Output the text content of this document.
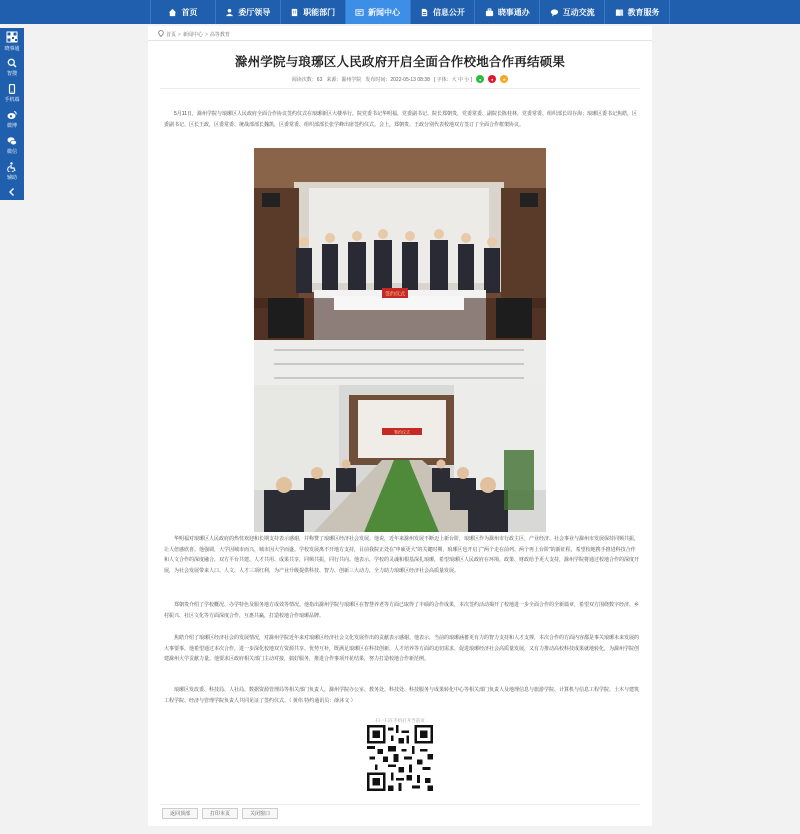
首页	委厅领导	职能部门	新闻中心	信息公开	晓事通办	互动交流	教育服务
晓事通
智搜
手机端
微博
微信
辅助
首页 > 新闻中心 > 高等教育
滁州学院与琅琊区人民政府开启全面合作校地合作再结硕果
阅读次数：63 来源：滁州学院 发布时间：2022-05-13 08:38 [ 字体：大 中 小 ] ● ● ★
5月11日，滁州学院与琅琊区人民政府全面合作协议签约仪式在琅琊新区大楼举行。院党委书记华明福，党委副书记、院长郑朝贵，党委常委、副院长陈桂林，党委常委、组织部长周存海；琅琊区委书记焦皓，区委副书记、区长王政，区委常委、统战部部长魏凯，区委常委、组织部部长张学峰出席签约仪式。会上，郑朝贵、王政分别代表校地双方签订了全面合作框架协议。
签约仪式
签约仪式
华明福对琅琊区人民政府的热忱欢迎和长期支持表示感谢，并称赞了琅琊区经济社会发展。他说，近年来滁州发展不断迈上新台阶，琅琊区作为滁州市行政主区，产业经济、社会事业与滁州市发展保持同频共振，让人倍感欣喜。他强调，大学因城市而兴，城市因大学而盛。学校发展离不开地方支持，目前我院正处在“申硕更大”的关键时期，琅琊区也开启了“两个走在前列、两个再上台阶”的新征程，希望校地携手推进科技合作和人文合作的深度融合，双方平台共建、人才共用、成果共享，同频共振，同行共向。他表示，学校的灵魂和根基深扎琅琊，希望琅琊区人民政府在环境、政策、财政给予更大支持，滁州学院将通过校地合作的深度开展，为社会发展带来人口、人文、人才三项红利，为产业升级提供科技、智力、创新三大动力，全力助力琅琊区经济社会高质量发展。
郑朝贵介绍了学校概况、办学特色及服务地方成效等情况。他指出滁州学院与琅琊区在智慧养老等方面已取得了丰硕的合作成果，本次签约活动揭开了校地进一步全面合作的全新篇章，希望双方围绕数字经济、乡村振兴、社区文化等方面深度合作，互惠共赢，打造校地合作琅琊品牌。
焦皓介绍了琅琊区经济社会的发展情况，对滁州学院近年来对琅琊区经济社会文化发展作出的贡献表示感谢。他表示，当前的琅琊涵蓄更有力的智力支持和人才支撑，本次合作的方面内容都是事关琅琊未来发展的大事要事。他希望通过本次合作，进一步深化校地双方资源共享、优势互补，既满足琅琊区在科技创新、人才培养等方面的迫切需求，促进琅琊经济社会高质量发展，又有力推动高校科技成果就地转化，为滁州学院创建滁州大学贡献力量。他要求区政府相关部门主动对接，搞好服务，推进合作事项开花结果，努力打造校地合作新范例。
琅琊区发改委、科技局、人社局、数据资源管理局等相关部门负责人，滁州学院办公室、教务处、科技处、科技服务与成果转化中心等相关部门负责人及地理信息与旅游学院、计算机与信息工程学院、土木与建筑工程学院、经济与管理学院负责人共同见证了签约仪式。（ 黄伟 特约通讯员：薛沐文 ）
扫一扫在手机打开当前页
返回顶部	打印本页	关闭窗口
